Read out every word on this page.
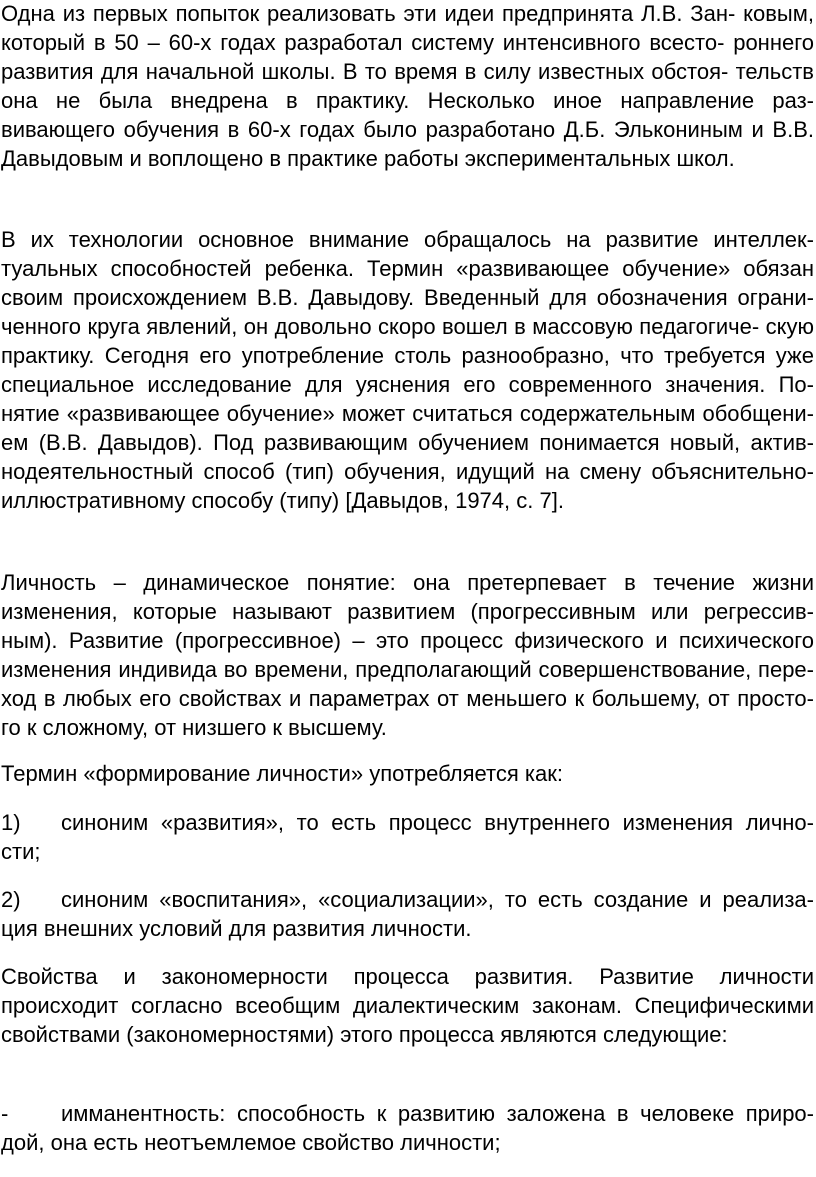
Одна из первых попыток реализовать эти идеи предпринята Л.В. Зан- ковым, который в 50 – 60-х годах разработал систему интенсивного всесто- роннего развития для начальной школы. В то время в силу известных обстоя- тельств она не была внедрена в практику. Несколько иное направление раз- вивающего обучения в 60-х годах было разработано Д.Б. Элькониным и В.В. Давыдовым и воплощено в практике работы экспериментальных школ.

В их технологии основное внимание обращалось на развитие интеллек- туальных способностей ребенка. Термин «развивающее обучение» обязан своим происхождением В.В. Давыдову. Введенный для обозначения ограни- ченного круга явлений, он довольно скоро вошел в массовую педагогиче- скую практику. Сегодня его употребление столь разнообразно, что требуется уже специальное исследование для уяснения его современного значения. По- нятие «развивающее обучение» может считаться содержательным обобщени- ем (В.В. Давыдов). Под развивающим обучением понимается новый, актив- нодеятельностный способ (тип) обучения, идущий на смену объяснительно- иллюстративному способу (типу) [Давыдов, 1974, с. 7].

Личность – динамическое понятие: она претерпевает в течение жизни изменения, которые называют развитием (прогрессивным или регрессив- ным). Развитие (прогрессивное) – это процесс физического и психического изменения индивида во времени, предполагающий совершенствование, пере- ход в любых его свойствах и параметрах от меньшего к большему, от просто- го к сложному, от низшего к высшему.

Термин «формирование личности» употребляется как:

1) синоним «развития», то есть процесс внутреннего изменения лично- сти;

2) синоним «воспитания», «социализации», то есть создание и реализа- ция внешних условий для развития личности.

Свойства и закономерности процесса развития. Развитие личности происходит согласно всеобщим диалектическим законам. Специфическими свойствами (закономерностями) этого процесса являются следующие:

- имманентность: способность к развитию заложена в человеке приро- дой, она есть неотъемлемое свойство личности;
